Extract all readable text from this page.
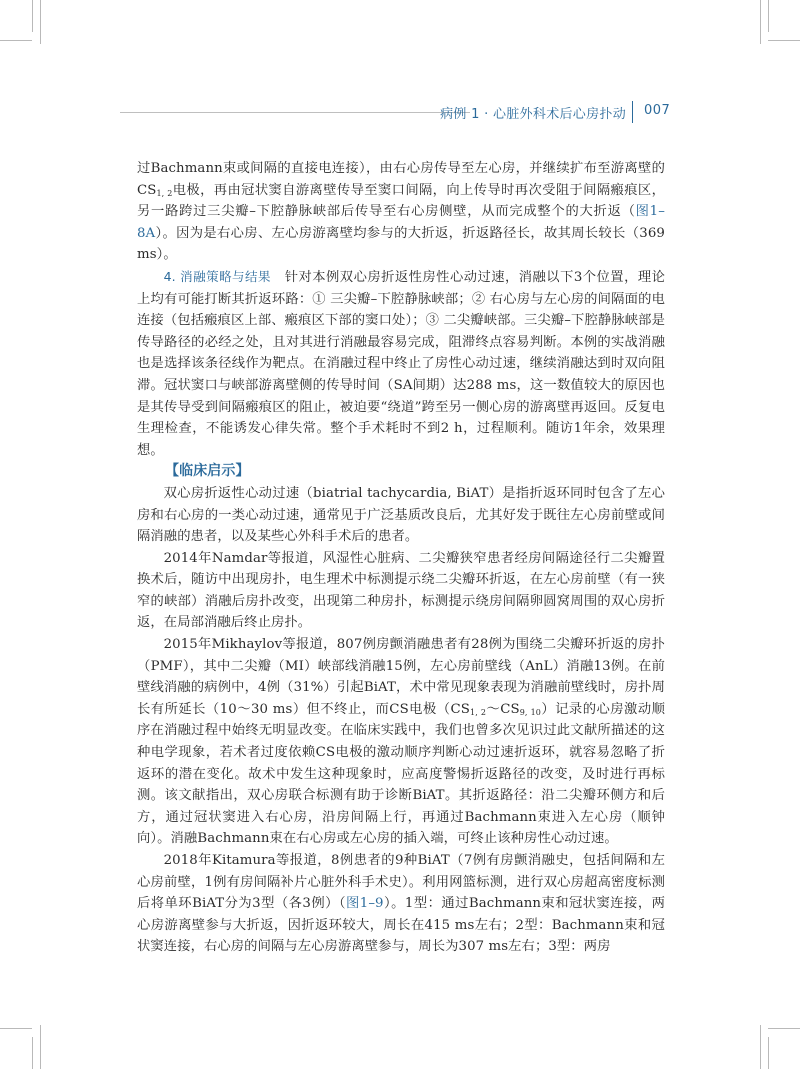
病例 1 · 心脏外科术后心房扑动 007

过Bachmann束或间隔的直接电连接），由右心房传导至左心房，并继续扩布至游离壁的$CS_{1, 2}$电极，再由冠状窦自游离壁传导至窦口间隔，向上传导时再次受阻于间隔瘢痕区，另一路跨过三尖瓣–下腔静脉峡部后传导至右心房侧壁，从而完成整个的大折返（图1–8A）。因为是右心房、左心房游离壁均参与的大折返，折返路径长，故其周长较长（369 ms）。

4. 消融策略与结果　针对本例双心房折返性房性心动过速，消融以下3个位置，理论上均有可能打断其折返环路：① 三尖瓣–下腔静脉峡部；② 右心房与左心房的间隔面的电连接（包括瘢痕区上部、瘢痕区下部的窦口处）；③ 二尖瓣峡部。三尖瓣–下腔静脉峡部是传导路径的必经之处，且对其进行消融最容易完成，阻滞终点容易判断。本例的实战消融也是选择该条径线作为靶点。在消融过程中终止了房性心动过速，继续消融达到时双向阻滞。冠状窦口与峡部游离壁侧的传导时间（SA间期）达288 ms，这一数值较大的原因也是其传导受到间隔瘢痕区的阻止，被迫要“绕道”跨至另一侧心房的游离壁再返回。反复电生理检查，不能诱发心律失常。整个手术耗时不到2 h，过程顺利。随访1年余，效果理想。

【临床启示】

双心房折返性心动过速（biatrial tachycardia, BiAT）是指折返环同时包含了左心房和右心房的一类心动过速，通常见于广泛基质改良后，尤其好发于既往左心房前壁或间隔消融的患者，以及某些心外科手术后的患者。

2014年Namdar等报道，风湿性心脏病、二尖瓣狭窄患者经房间隔途径行二尖瓣置换术后，随访中出现房扑，电生理术中标测提示绕二尖瓣环折返，在左心房前壁（有一狭窄的峡部）消融后房扑改变，出现第二种房扑，标测提示绕房间隔卵圆窝周围的双心房折返，在局部消融后终止房扑。

2015年Mikhaylov等报道，807例房颤消融患者有28例为围绕二尖瓣环折返的房扑（PMF），其中二尖瓣（MI）峡部线消融15例，左心房前壁线（AnL）消融13例。在前壁线消融的病例中，4例（31%）引起BiAT，术中常见现象表现为消融前壁线时，房扑周长有所延长（10～30 ms）但不终止，而CS电极$(CS_{1, 2}\sim CS_{9, 10})$记录的心房激动顺序在消融过程中始终无明显改变。在临床实践中，我们也曾多次见识过此文献所描述的这种电学现象，若术者过度依赖CS电极的激动顺序判断心动过速折返环，就容易忽略了折返环的潜在变化。故术中发生这种现象时，应高度警惕折返路径的改变，及时进行再标测。该文献指出，双心房联合标测有助于诊断BiAT。其折返路径：沿二尖瓣环侧方和后方，通过冠状窦进入右心房，沿房间隔上行，再通过Bachmann束进入左心房（顺钟向）。消融Bachmann束在右心房或左心房的插入端，可终止该种房性心动过速。

2018年Kitamura等报道，8例患者的9种BiAT（7例有房颤消融史，包括间隔和左心房前壁，1例有房间隔补片心脏外科手术史）。利用网篮标测，进行双心房超高密度标测后将单环BiAT分为3型（各3例）（图1–9）。1型：通过Bachmann束和冠状窦连接，两心房游离壁参与大折返，因折返环较大，周长在415 ms左右；2型：Bachmann束和冠状窦连接，右心房的间隔与左心房游离壁参与，周长为307 ms左右；3型：两房
